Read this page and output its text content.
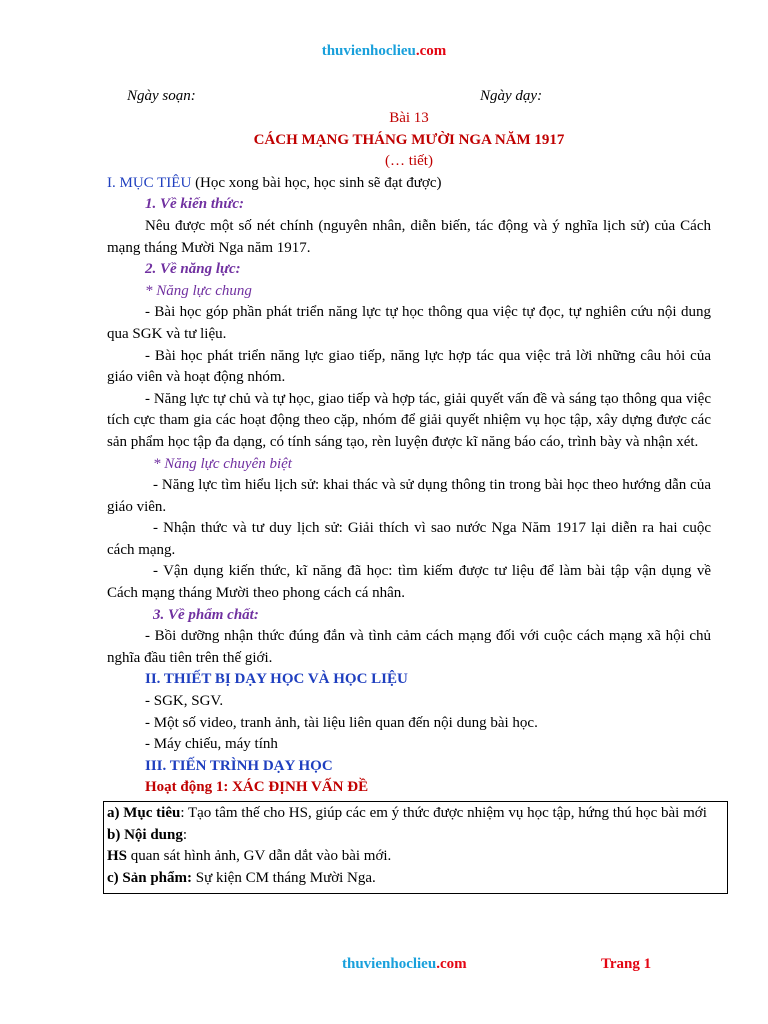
thuvienhoclieu.com
Ngày soạn:	Ngày dạy:
Bài 13
CÁCH MẠNG THÁNG MƯỜI NGA NĂM 1917
(… tiết)

I. MỤC TIÊU (Học xong bài học, học sinh sẽ đạt được)

1. Về kiến thức:

Nêu được một số nét chính (nguyên nhân, diễn biến, tác động và ý nghĩa lịch sử) của Cách mạng tháng Mười Nga năm 1917.

2. Về năng lực:

* Năng lực chung

- Bài học góp phần phát triển năng lực tự học thông qua việc tự đọc, tự nghiên cứu nội dung qua SGK và tư liệu.

- Bài học phát triển năng lực giao tiếp, năng lực hợp tác qua việc trả lời những câu hỏi của giáo viên và hoạt động nhóm.

- Năng lực tự chủ và tự học, giao tiếp và hợp tác, giải quyết vấn đề và sáng tạo thông qua việc tích cực tham gia các hoạt động theo cặp, nhóm để giải quyết nhiệm vụ học tập, xây dựng được các sản phẩm học tập đa dạng, có tính sáng tạo, rèn luyện được kĩ năng báo cáo, trình bày và nhận xét.

* Năng lực chuyên biệt

- Năng lực tìm hiểu lịch sử: khai thác và sử dụng thông tin trong bài học theo hướng dẫn của giáo viên.

- Nhận thức và tư duy lịch sử: Giải thích vì sao nước Nga Năm 1917 lại diễn ra hai cuộc cách mạng.

- Vận dụng kiến thức, kĩ năng đã học: tìm kiếm được tư liệu để làm bài tập vận dụng về Cách mạng tháng Mười theo phong cách cá nhân.

3. Về phẩm chất:

- Bồi dưỡng nhận thức đúng đắn và tình cảm cách mạng đối với cuộc cách mạng xã hội chủ nghĩa đầu tiên trên thế giới.

II. THIẾT BỊ DẠY HỌC VÀ HỌC LIỆU

- SGK, SGV.

- Một số video, tranh ảnh, tài liệu liên quan đến nội dung bài học.

- Máy chiếu, máy tính

III. TIẾN TRÌNH DẠY HỌC

Hoạt động 1: XÁC ĐỊNH VẤN ĐỀ

a) Mục tiêu: Tạo tâm thế cho HS, giúp các em ý thức được nhiệm vụ học tập, hứng thú học bài mới

b) Nội dung:

HS quan sát hình ảnh, GV dẫn dắt vào bài mới.

c) Sản phẩm: Sự kiện CM tháng Mười Nga.

thuvienhoclieu.com	Trang 1
